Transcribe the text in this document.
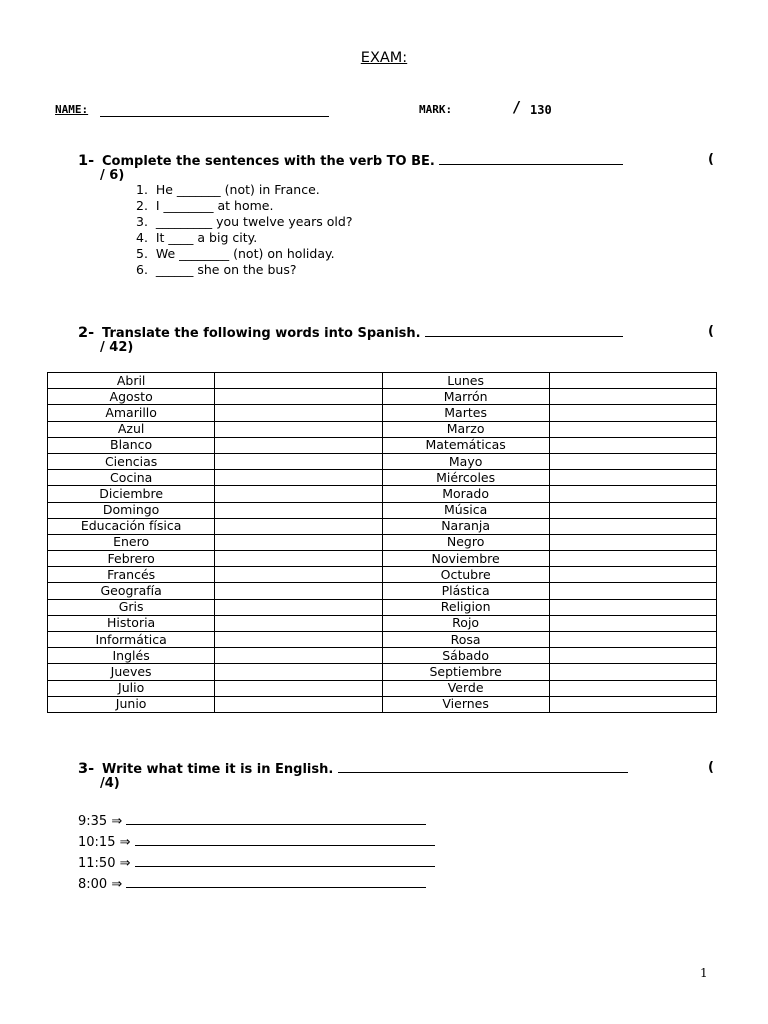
EXAM:
NAME:	MARK:	/ 130
1- Complete the sentences with the verb TO BE.	(
/ 6)
1.  He _______ (not) in France.
2.  I ________ at home.
3.  _________ you twelve years old?
4.  It ____ a big city.
5.  We ________ (not) on holiday.
6.  ______ she on the bus?
2- Translate the following words into Spanish.	(
/ 42)
Abril		Lunes	
Agosto		Marrón	
Amarillo		Martes	
Azul		Marzo	
Blanco		Matemáticas	
Ciencias		Mayo	
Cocina		Miércoles	
Diciembre		Morado	
Domingo		Música	
Educación física		Naranja	
Enero		Negro	
Febrero		Noviembre	
Francés		Octubre	
Geografía		Plástica	
Gris		Religion	
Historia		Rojo	
Informática		Rosa	
Inglés		Sábado	
Jueves		Septiembre	
Julio		Verde	
Junio		Viernes	
3- Write what time it is in English.	(
/4)
9:35 ⇒
10:15 ⇒
11:50 ⇒
8:00 ⇒
1
